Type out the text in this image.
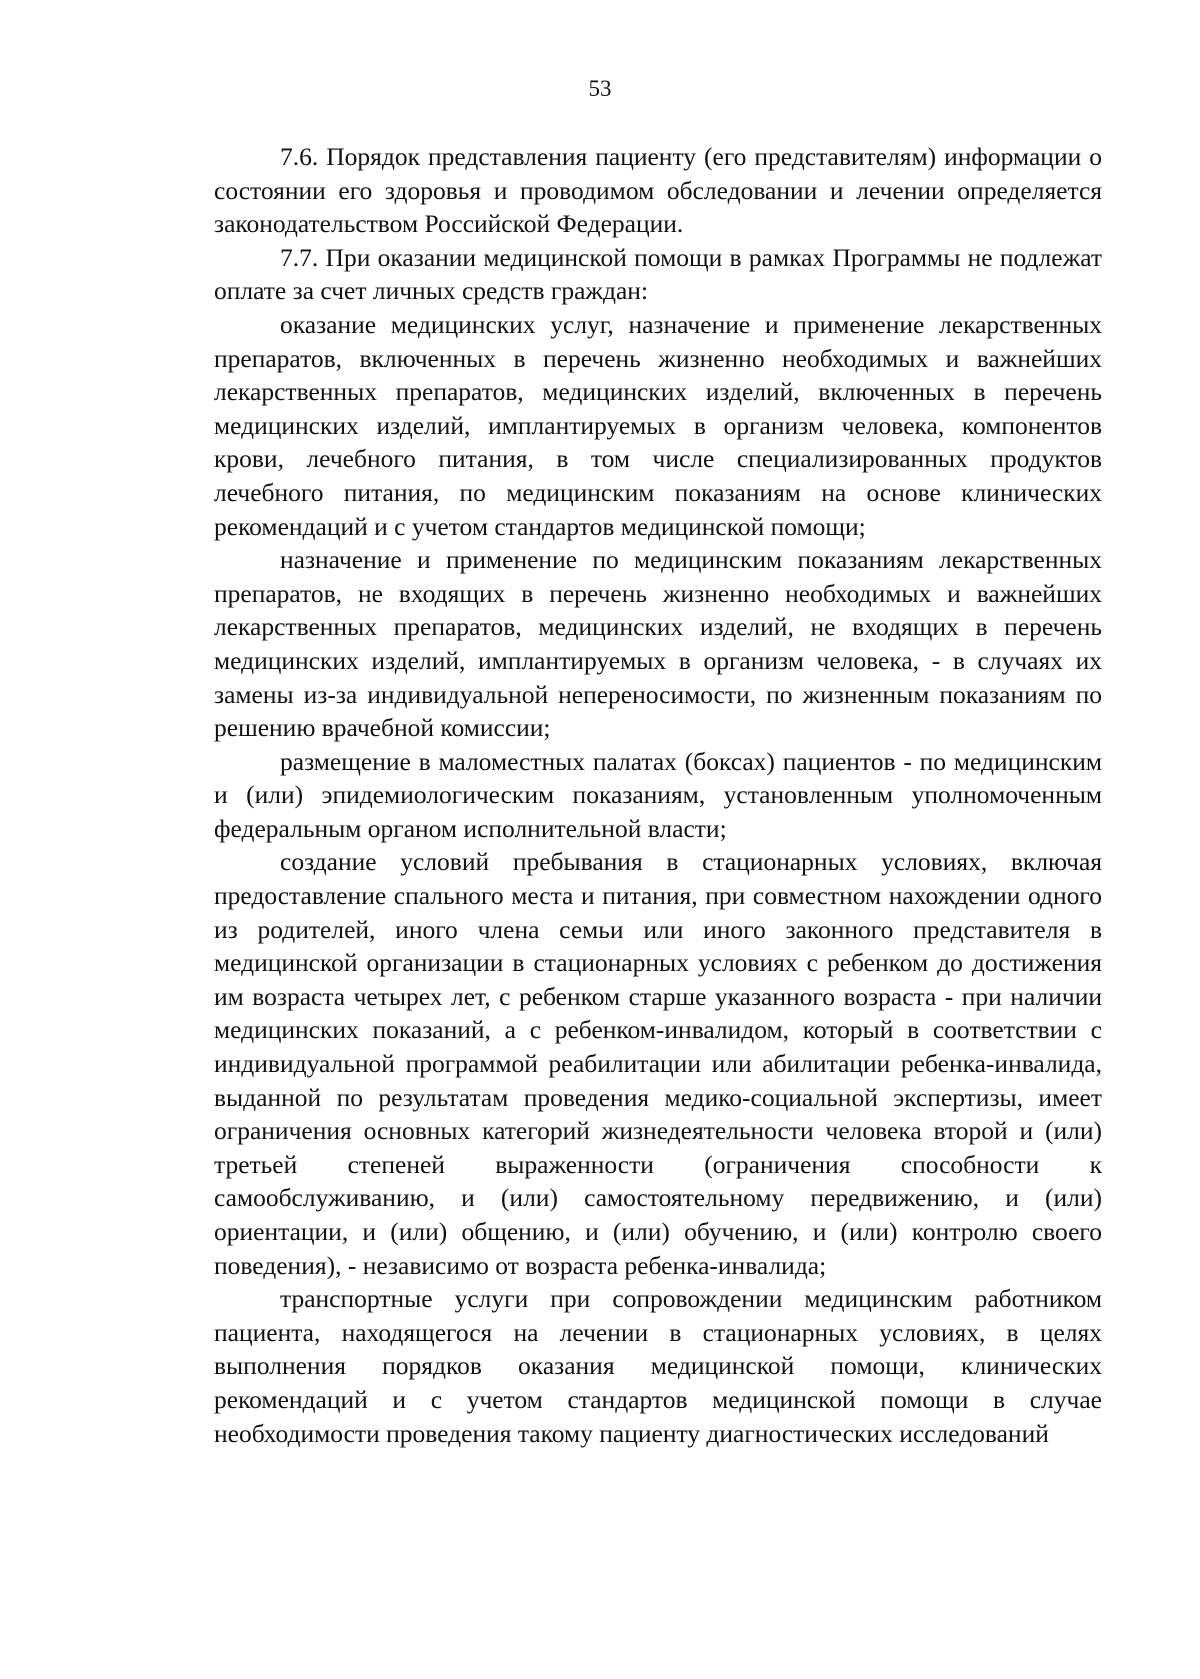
53

7.6. Порядок представления пациенту (его представителям) информации о состоянии его здоровья и проводимом обследовании и лечении определяется законодательством Российской Федерации.

7.7. При оказании медицинской помощи в рамках Программы не подлежат оплате за счет личных средств граждан:

оказание медицинских услуг, назначение и применение лекарственных препаратов, включенных в перечень жизненно необходимых и важнейших лекарственных препаратов, медицинских изделий, включенных в перечень медицинских изделий, имплантируемых в организм человека, компонентов крови, лечебного питания, в том числе специализированных продуктов лечебного питания, по медицинским показаниям на основе клинических рекомендаций и с учетом стандартов медицинской помощи;

назначение и применение по медицинским показаниям лекарственных препаратов, не входящих в перечень жизненно необходимых и важнейших лекарственных препаратов, медицинских изделий, не входящих в перечень медицинских изделий, имплантируемых в организм человека, - в случаях их замены из-за индивидуальной непереносимости, по жизненным показаниям по решению врачебной комиссии;

размещение в маломестных палатах (боксах) пациентов - по медицинским и (или) эпидемиологическим показаниям, установленным уполномоченным федеральным органом исполнительной власти;

создание условий пребывания в стационарных условиях, включая предоставление спального места и питания, при совместном нахождении одного из родителей, иного члена семьи или иного законного представителя в медицинской организации в стационарных условиях с ребенком до достижения им возраста четырех лет, с ребенком старше указанного возраста - при наличии медицинских показаний, а с ребенком-инвалидом, который в соответствии с индивидуальной программой реабилитации или абилитации ребенка-инвалида, выданной по результатам проведения медико-социальной экспертизы, имеет ограничения основных категорий жизнедеятельности человека второй и (или) третьей степеней выраженности (ограничения способности к самообслуживанию, и (или) самостоятельному передвижению, и (или) ориентации, и (или) общению, и (или) обучению, и (или) контролю своего поведения), - независимо от возраста ребенка-инвалида;

транспортные услуги при сопровождении медицинским работником пациента, находящегося на лечении в стационарных условиях, в целях выполнения порядков оказания медицинской помощи, клинических рекомендаций и с учетом стандартов медицинской помощи в случае необходимости проведения такому пациенту диагностических исследований
